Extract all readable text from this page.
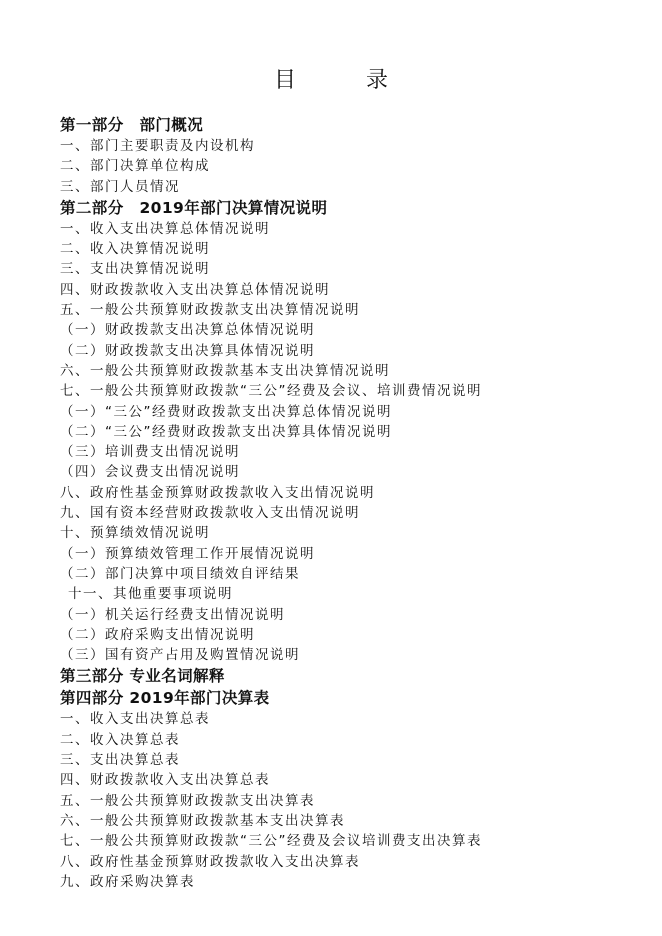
目　录
第一部分　部门概况
一、部门主要职责及内设机构
二、部门决算单位构成
三、部门人员情况
第二部分　2019年部门决算情况说明
一、收入支出决算总体情况说明
二、收入决算情况说明
三、支出决算情况说明
四、财政拨款收入支出决算总体情况说明
五、一般公共预算财政拨款支出决算情况说明
（一）财政拨款支出决算总体情况说明
（二）财政拨款支出决算具体情况说明
六、一般公共预算财政拨款基本支出决算情况说明
七、一般公共预算财政拨款“三公”经费及会议、培训费情况说明
（一）“三公”经费财政拨款支出决算总体情况说明
（二）“三公”经费财政拨款支出决算具体情况说明
（三）培训费支出情况说明
（四）会议费支出情况说明
八、政府性基金预算财政拨款收入支出情况说明
九、国有资本经营财政拨款收入支出情况说明
十、预算绩效情况说明
（一）预算绩效管理工作开展情况说明
（二）部门决算中项目绩效自评结果
十一、其他重要事项说明
（一）机关运行经费支出情况说明
（二）政府采购支出情况说明
（三）国有资产占用及购置情况说明
第三部分 专业名词解释
第四部分 2019年部门决算表
一、收入支出决算总表
二、收入决算总表
三、支出决算总表
四、财政拨款收入支出决算总表
五、一般公共预算财政拨款支出决算表
六、一般公共预算财政拨款基本支出决算表
七、一般公共预算财政拨款“三公”经费及会议培训费支出决算表
八、政府性基金预算财政拨款收入支出决算表
九、政府采购决算表
